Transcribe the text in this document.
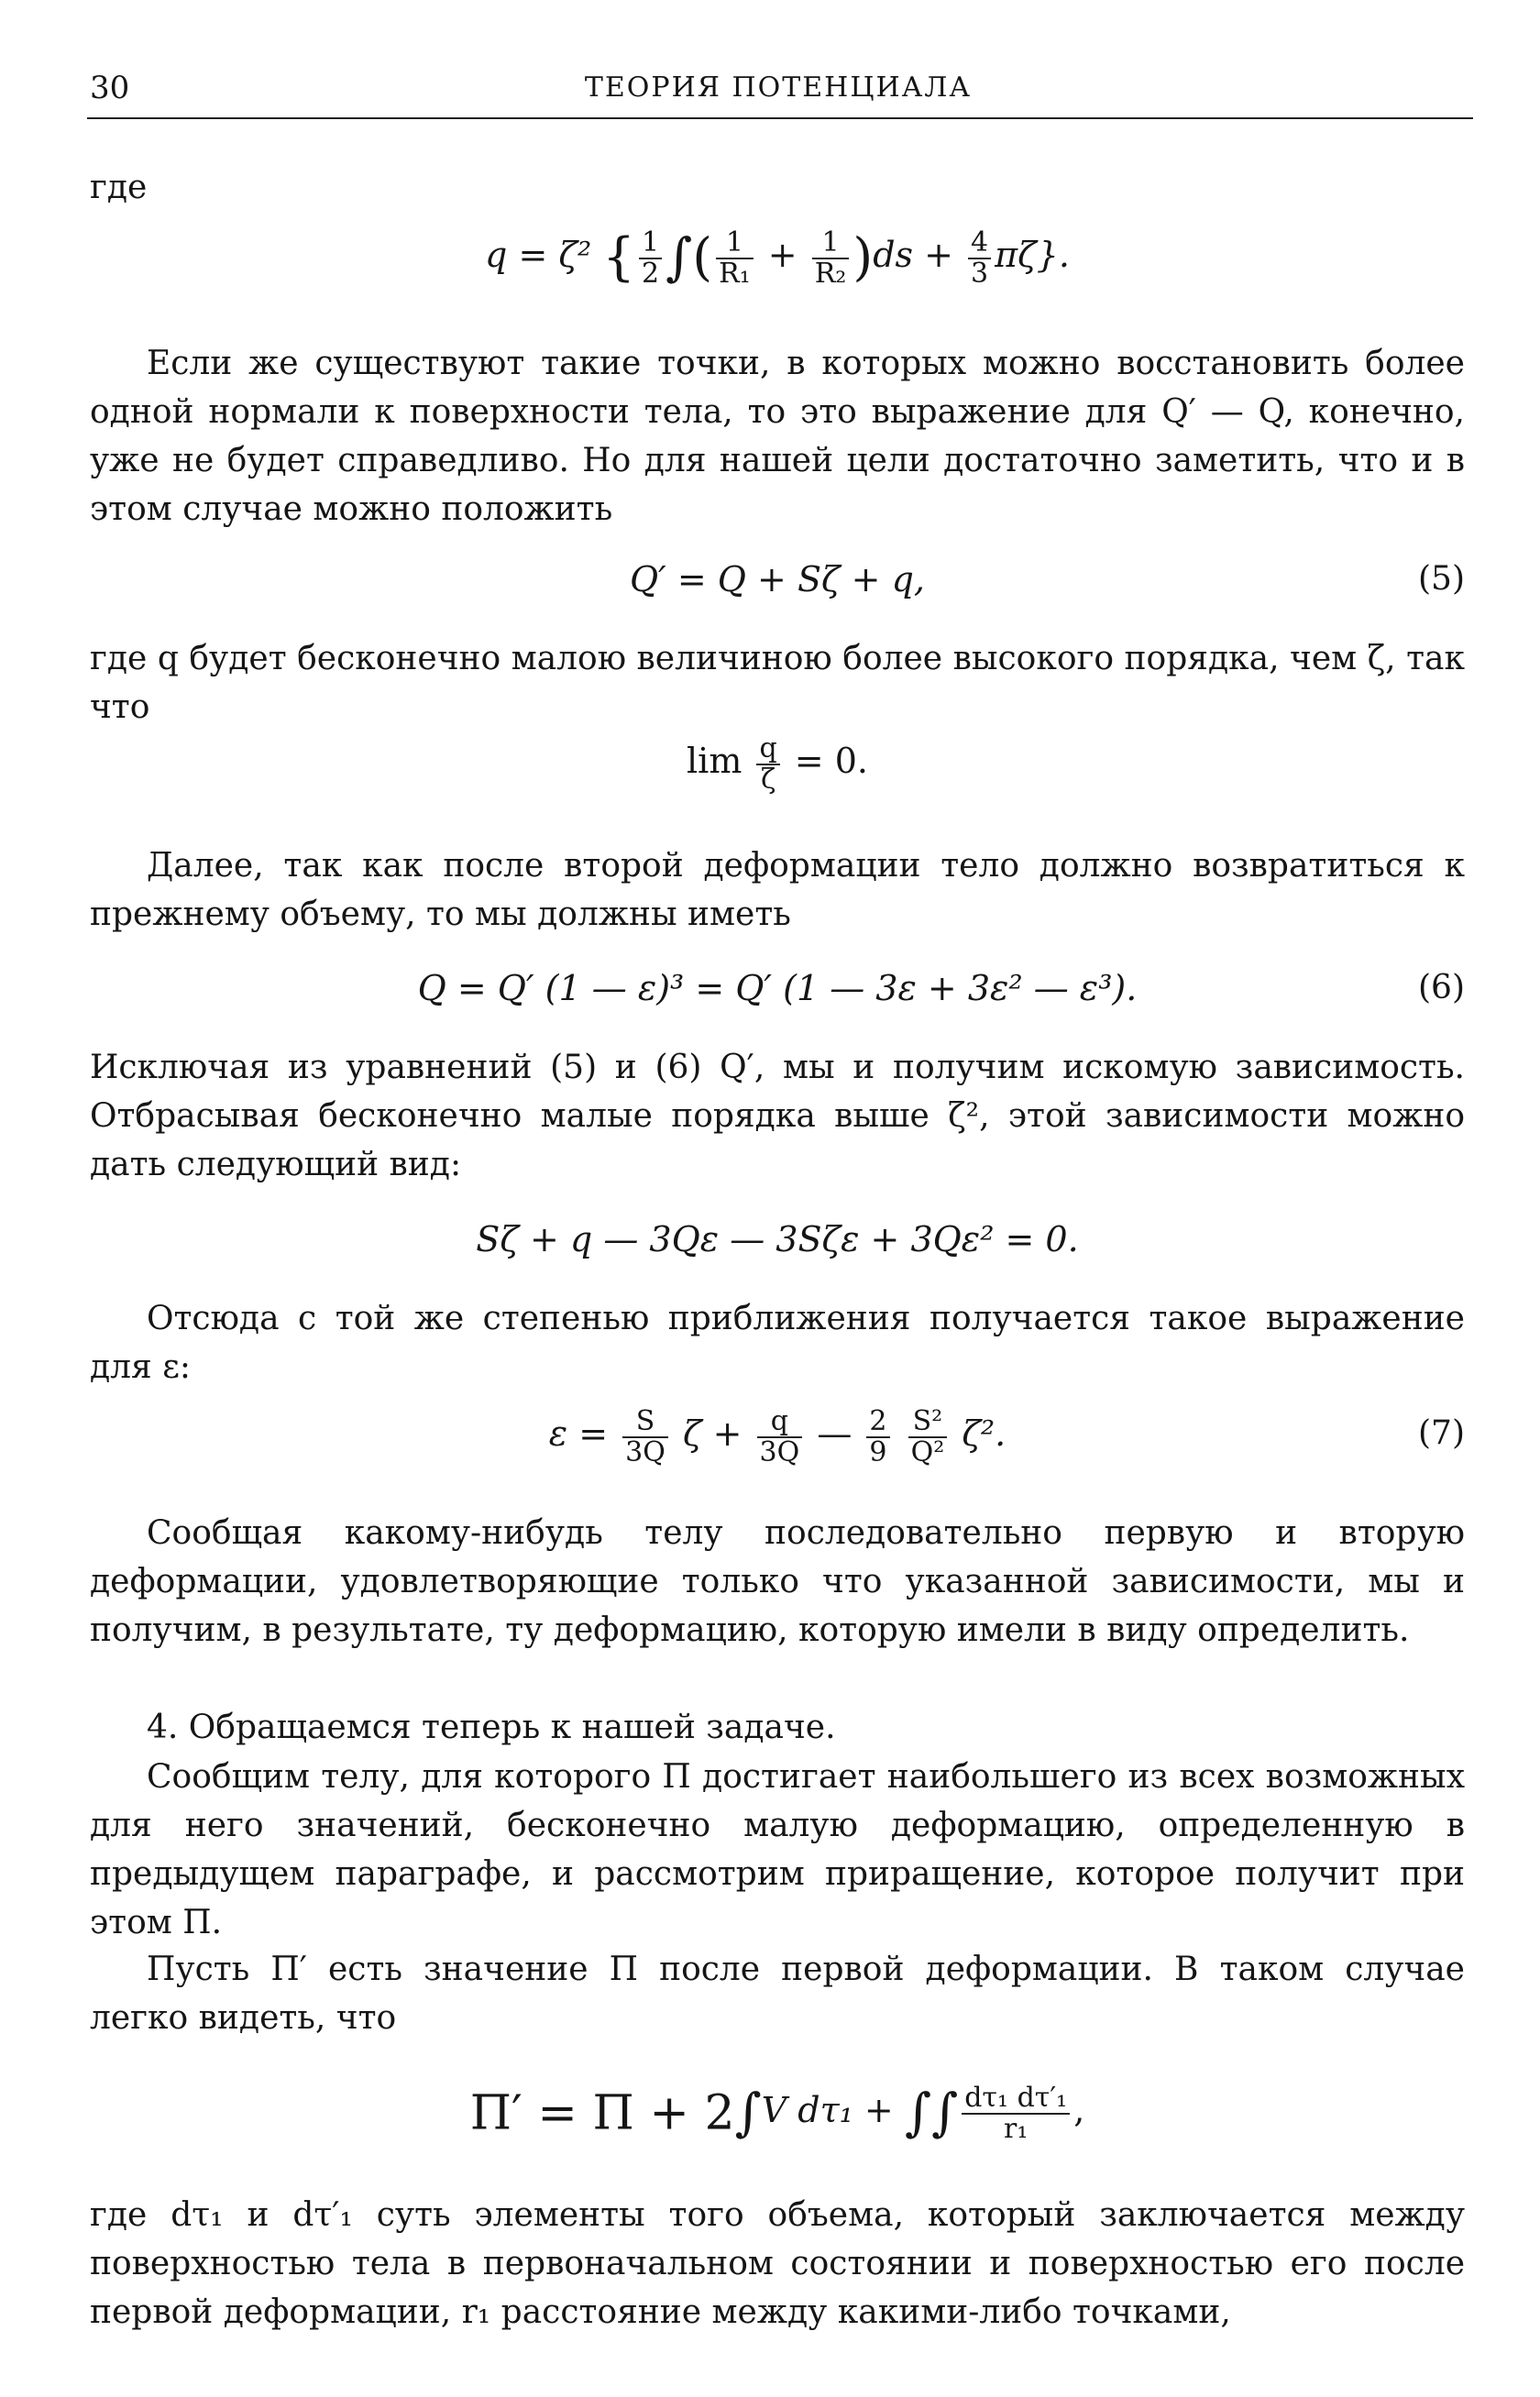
30	ТЕОРИЯ ПОТЕНЦИАЛА
где
q = ζ² { $\frac{1}{2}$ ∫( $\frac{1}{\text{R₁}} + \frac{1}{\text{R₂}} )ds + \frac{4}{3} \pi\zeta$}.
Если же существуют такие точки, в которых можно восстановить более одной нормали к поверхности тела, то это выражение для Q′ — Q, конечно, уже не будет справедливо. Но для нашей цели достаточно заметить, что и в этом случае можно положить
Q′ = Q + Sζ + q,	(5)
где q будет бесконечно малою величиною более высокого порядка, чем ζ, так что
$\lim \frac{q}{\zeta} = 0$.
Далее, так как после второй деформации тело должно возвратиться к прежнему объему, то мы должны иметь
Q = Q′ (1 — ε)³ = Q′ (1 — 3ε + 3ε² — ε³).	(6)
Исключая из уравнений (5) и (6) Q′, мы и получим искомую зависимость. Отбрасывая бесконечно малые порядка выше ζ², этой зависимости можно дать следующий вид:
Sζ + q — 3Qε — 3Sζε + 3Qε² = 0.
Отсюда с той же степенью приближения получается такое выражение для ε:
$\varepsilon = \frac{S}{3Q}$ $\zeta + \frac{q}{3Q}$ — $\frac{2}{9}$
$\frac{\text{S²}}{\text{Q²}} \zeta^2$.	(7)
Сообщая какому-нибудь телу последовательно первую и вторую деформации, удовлетворяющие только что указанной зависимости, мы и получим, в результате, ту деформацию, которую имели в виду определить.
4. Обращаемся теперь к нашей задаче.
Сообщим телу, для которого Π достигает наибольшего из всех возможных для него значений, бесконечно малую деформацию, определенную в предыдущем параграфе, и рассмотрим приращение, которое получит при этом Π.
Пусть Π′ есть значение Π после первой деформации. В таком случае легко видеть, что
Π′ = Π + 2∫V dτ₁ + ∫∫ $\frac{\text{dτ₁ dτ′₁}}{\text{r₁}}$ ,
где dτ₁ и dτ′₁ суть элементы того объема, который заключается между поверхностью тела в первоначальном состоянии и поверхностью его после первой деформации, r₁ расстояние между какими-либо точками,
